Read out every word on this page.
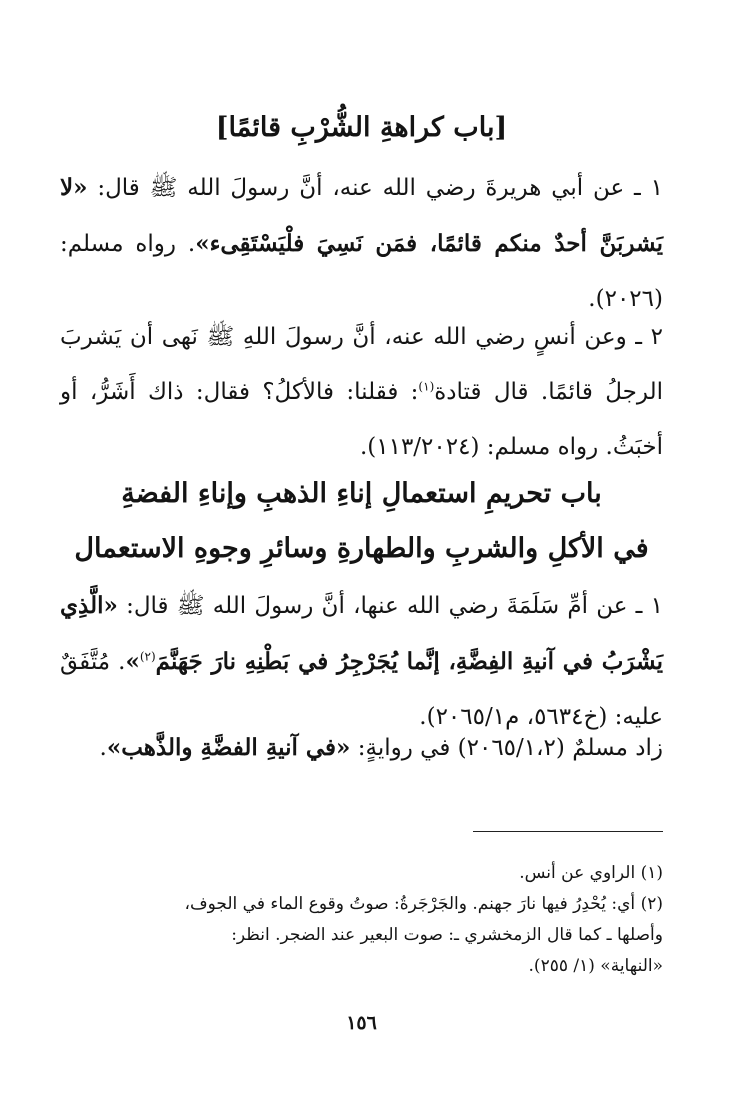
[باب كراهةِ الشُّرْبِ قائمًا]
١ ـ عن أبي هريرةَ رضي الله عنه، أنَّ رسولَ الله ﷺ قال: «لا يَشربَنَّ أحدٌ منكم قائمًا، فمَن نَسِيَ فلْيَسْتَقِىء». رواه مسلم: (٢٠٢٦).
٢ ـ وعن أنسٍ رضي الله عنه، أنَّ رسولَ اللهِ ﷺ نَهى أن يَشربَ الرجلُ قائمًا. قال قتادة$^{(١)}$: فقلنا: فالأكلُ؟ فقال: ذاك أَشَرُّ، أو أخبَثُ. رواه مسلم: (١١٣/٢٠٢٤).
باب تحريمِ استعمالِ إناءِ الذهبِ وإناءِ الفضةِ
في الأكلِ والشربِ والطهارةِ وسائرِ وجوهِ الاستعمال
١ ـ عن أمِّ سَلَمَةَ رضي الله عنها، أنَّ رسولَ الله ﷺ قال: «الَّذِي يَشْرَبُ في آنيةِ الفِضَّةِ، إنَّما يُجَرْجِرُ في بَطْنِهِ نارَ جَهَنَّمَ$^{(٢)}$». مُتَّفَقٌ عليه: (خ٥٦٣٤، م٢٠٦٥/١).
زاد مسلمٌ (٢٠٦٥/١،٢) في روايةٍ: «في آنيةِ الفضَّةِ والذَّهب».

(١) الراوي عن أنس.

(٢) أي: يُحْدِرُ فيها نارَ جهنم. والجَرْجَرةُ: صوتُ وقوع الماء في الجوف،

وأصلها ـ كما قال الزمخشري ـ: صوت البعير عند الضجر. انظر:

«النهاية» (١/ ٢٥٥).

١٥٦
